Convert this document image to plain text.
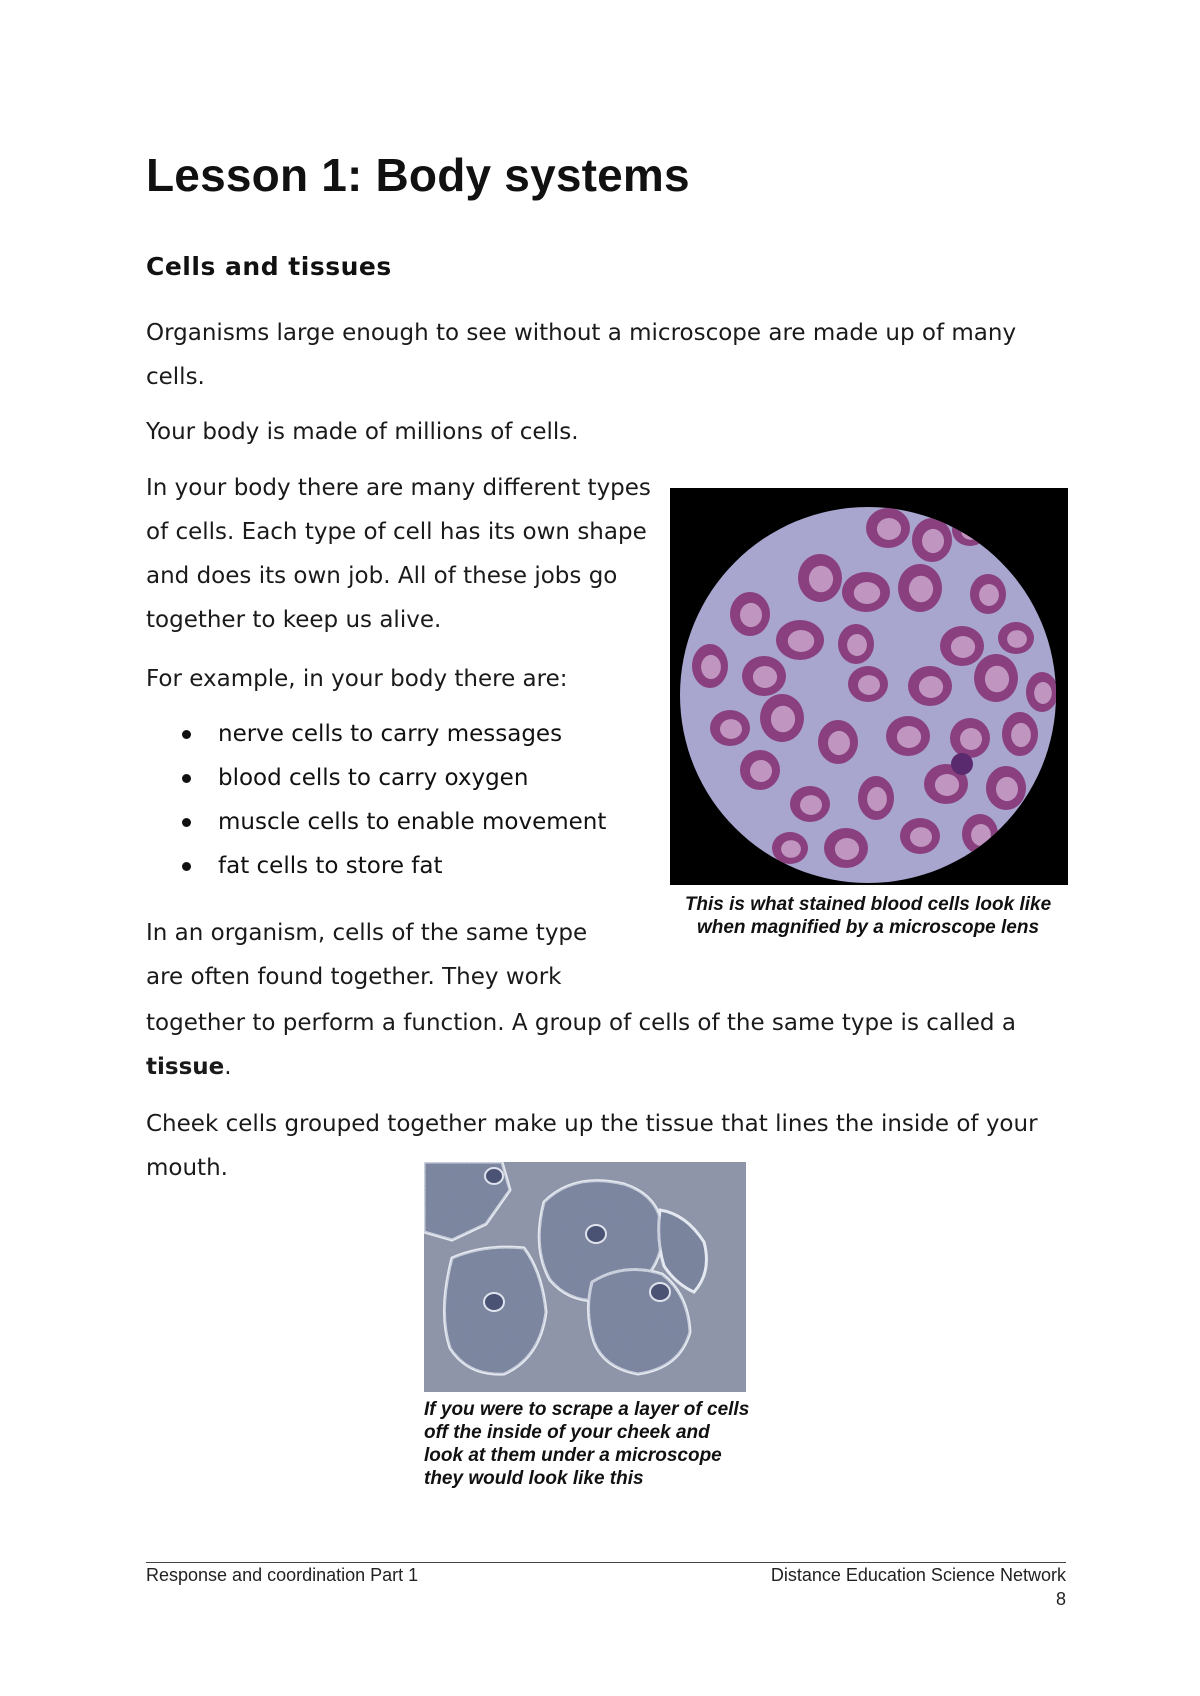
Lesson 1: Body systems
Cells and tissues

Organisms large enough to see without a microscope are made up of many cells.

Your body is made of millions of cells.

In your body there are many different types of cells. Each type of cell has its own shape and does its own job. All of these jobs go together to keep us alive.

For example, in your body there are:

nerve cells to carry messages
blood cells to carry oxygen
muscle cells to enable movement
fat cells to store fat

This is what stained blood cells look like when magnified by a microscope lens

In an organism, cells of the same type
are often found together. They work

together to perform a function. A group of cells of the same type is called a tissue.

Cheek cells grouped together make up the tissue that lines the inside of your mouth.

If you were to scrape a layer of cells off the inside of your cheek and look at them under a microscope they would look like this

Response and coordination Part 1	Distance Education Science Network

8
